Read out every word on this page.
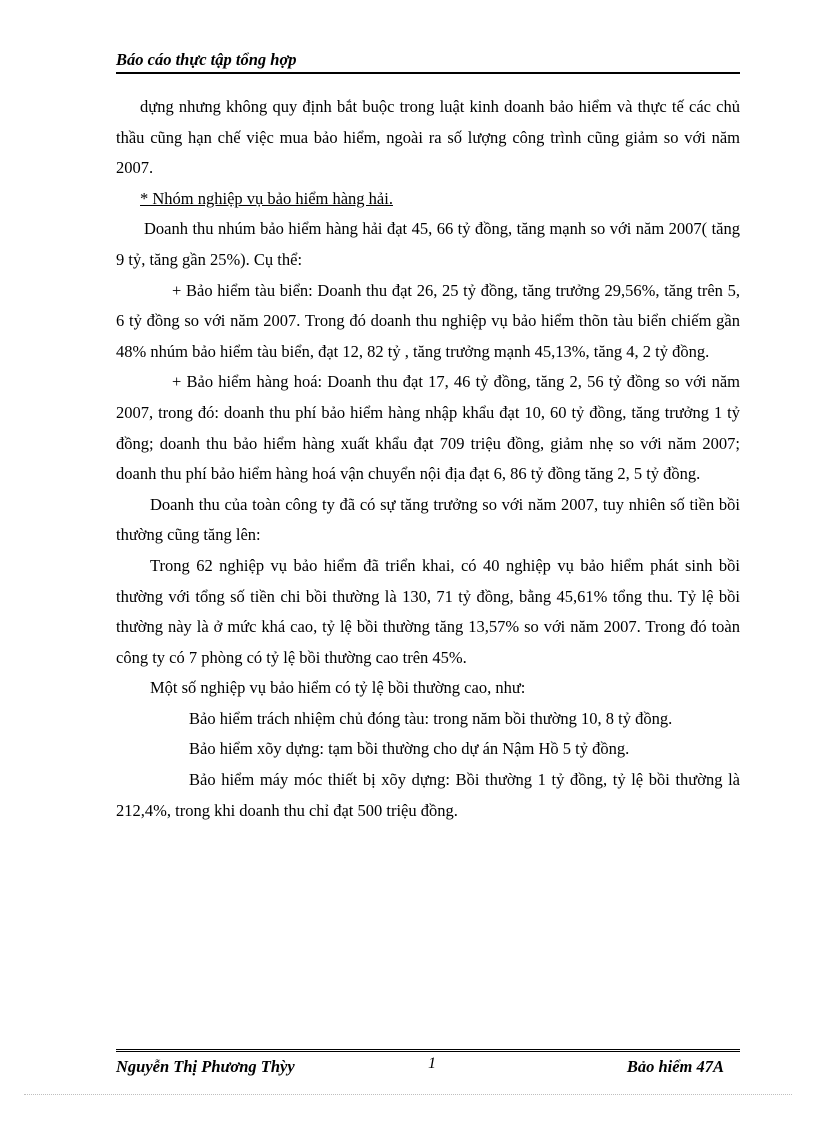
Báo cáo thực tập tổng hợp

dựng nhưng không quy định bắt buộc trong luật kinh doanh bảo hiểm và thực tế các chủ thầu cũng hạn chế việc mua bảo hiểm, ngoài ra số lượng công trình cũng giảm so với năm 2007.

* Nhóm nghiệp vụ bảo hiểm hàng hải.

Doanh thu nhúm bảo hiểm hàng hải đạt 45, 66 tỷ đồng, tăng mạnh so với năm 2007( tăng 9 tỷ, tăng gần 25%). Cụ thể:

+ Bảo hiểm tàu biển: Doanh thu đạt 26, 25 tỷ đồng, tăng trưởng 29,56%, tăng trên 5, 6 tỷ đồng so với năm 2007. Trong đó doanh thu nghiệp vụ bảo hiểm thõn tàu biển chiếm gần 48% nhúm bảo hiểm tàu biển, đạt 12, 82 tỷ , tăng trưởng mạnh 45,13%, tăng 4, 2 tỷ đồng.

+ Bảo hiểm hàng hoá: Doanh thu đạt 17, 46 tỷ đồng, tăng 2, 56 tỷ đồng so với năm 2007, trong đó: doanh thu phí bảo hiểm hàng nhập khẩu đạt 10, 60 tỷ đồng, tăng trưởng 1 tỷ đồng; doanh thu bảo hiểm hàng xuất khẩu đạt 709 triệu đồng, giảm nhẹ so với năm 2007; doanh thu phí bảo hiểm hàng hoá vận chuyển nội địa đạt 6, 86 tỷ đồng tăng 2, 5 tỷ đồng.

Doanh thu của toàn công ty đã có sự tăng trưởng so với năm 2007, tuy nhiên số tiền bồi thường cũng tăng lên:

Trong 62 nghiệp vụ bảo hiểm đã triển khai, có 40 nghiệp vụ bảo hiểm phát sinh bồi thường với tổng số tiền chi bồi thường là 130, 71 tỷ đồng, bằng 45,61% tổng thu. Tỷ lệ bồi thường này là ở mức khá cao, tỷ lệ bồi thường tăng 13,57% so với năm 2007. Trong đó toàn công ty có 7 phòng có tỷ lệ bồi thường cao trên 45%.

Một số nghiệp vụ bảo hiểm có tỷ lệ bồi thường cao, như:

Bảo hiểm trách nhiệm chủ đóng tàu: trong năm bồi thường 10, 8 tỷ đồng.

Bảo hiểm xõy dựng: tạm bồi thường cho dự án Nậm Hồ 5 tỷ đồng.

Bảo hiểm máy móc thiết bị xõy dựng: Bồi thường 1 tỷ đồng, tỷ lệ bồi thường là 212,4%, trong khi doanh thu chỉ đạt 500 triệu đồng.

Nguyễn Thị Phương Thỳy	1	Bảo hiểm 47A
